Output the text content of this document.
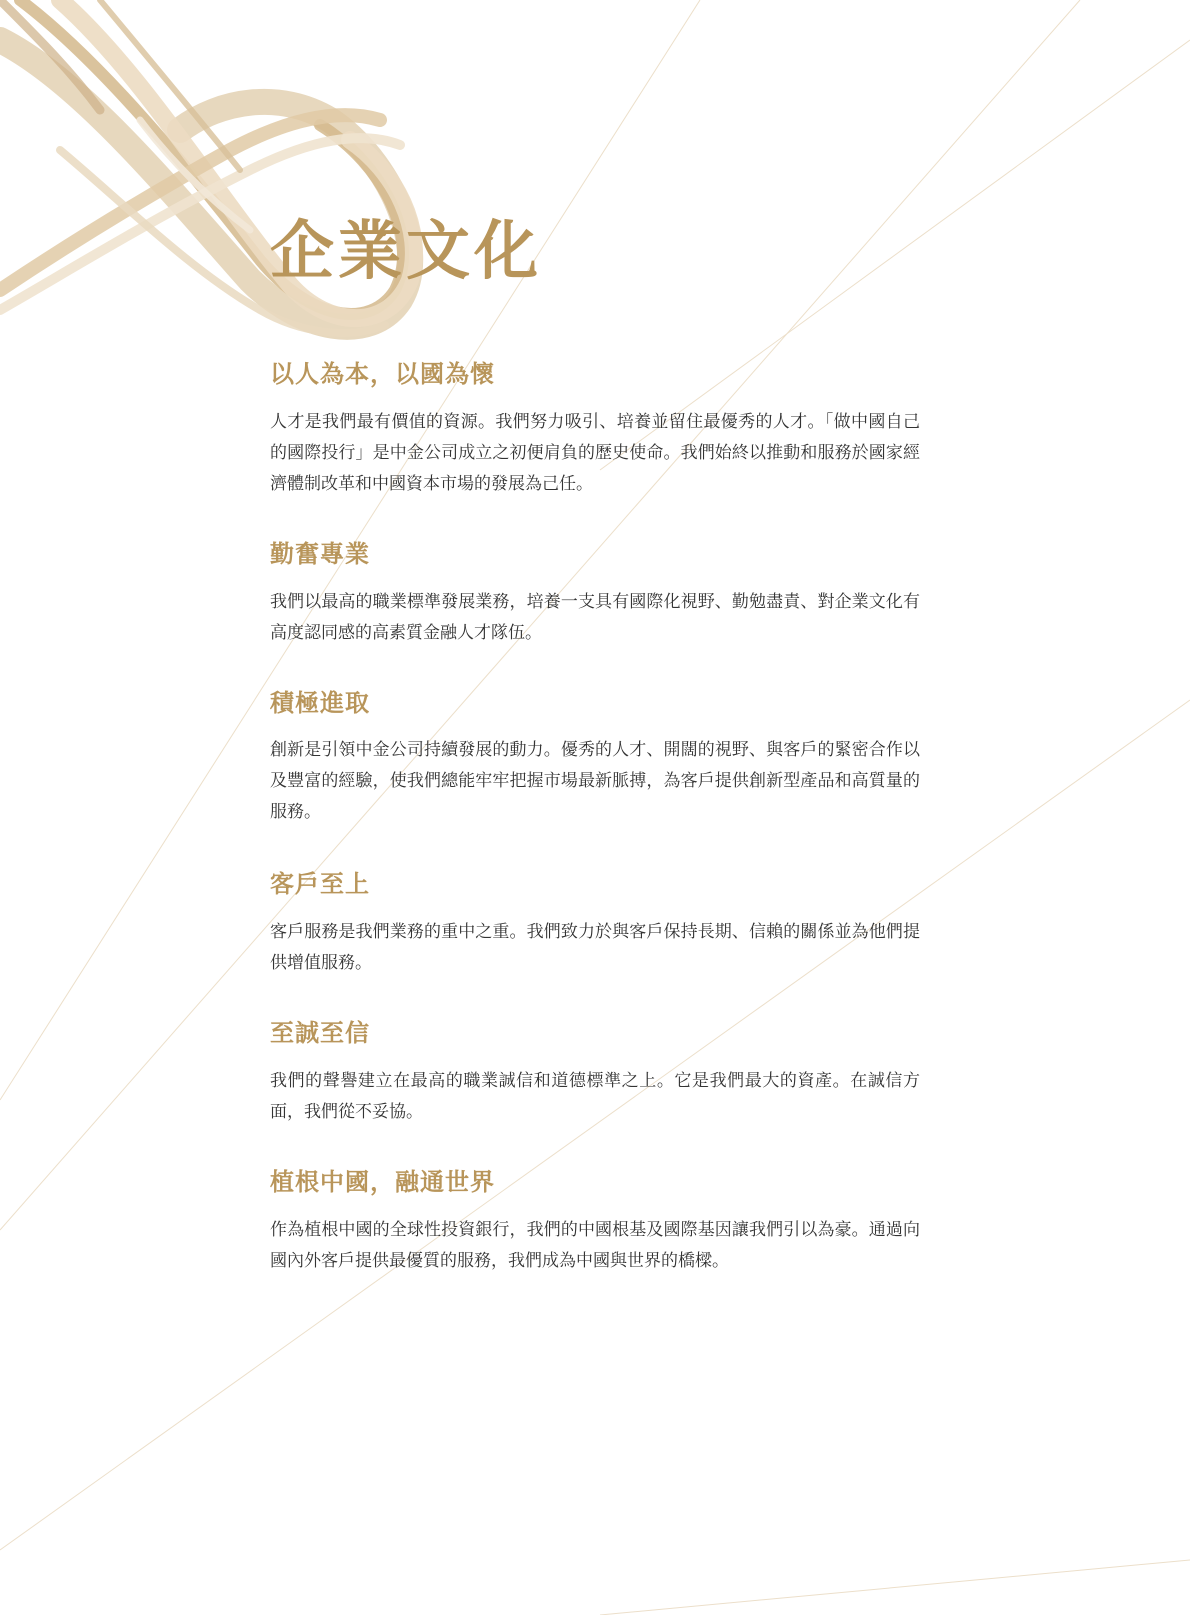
企業文化
以人為本，以國為懷

人才是我們最有價值的資源。我們努力吸引、培養並留住最優秀的人才。「做中國自己的國際投行」是中金公司成立之初便肩負的歷史使命。我們始終以推動和服務於國家經濟體制改革和中國資本市場的發展為己任。

勤奮專業

我們以最高的職業標準發展業務，培養一支具有國際化視野、勤勉盡責、對企業文化有高度認同感的高素質金融人才隊伍。

積極進取

創新是引領中金公司持續發展的動力。優秀的人才、開闊的視野、與客戶的緊密合作以及豐富的經驗，使我們總能牢牢把握市場最新脈搏，為客戶提供創新型產品和高質量的服務。

客戶至上

客戶服務是我們業務的重中之重。我們致力於與客戶保持長期、信賴的關係並為他們提供增值服務。

至誠至信

我們的聲譽建立在最高的職業誠信和道德標準之上。它是我們最大的資產。在誠信方面，我們從不妥協。

植根中國，融通世界

作為植根中國的全球性投資銀行，我們的中國根基及國際基因讓我們引以為豪。通過向國內外客戶提供最優質的服務，我們成為中國與世界的橋樑。
